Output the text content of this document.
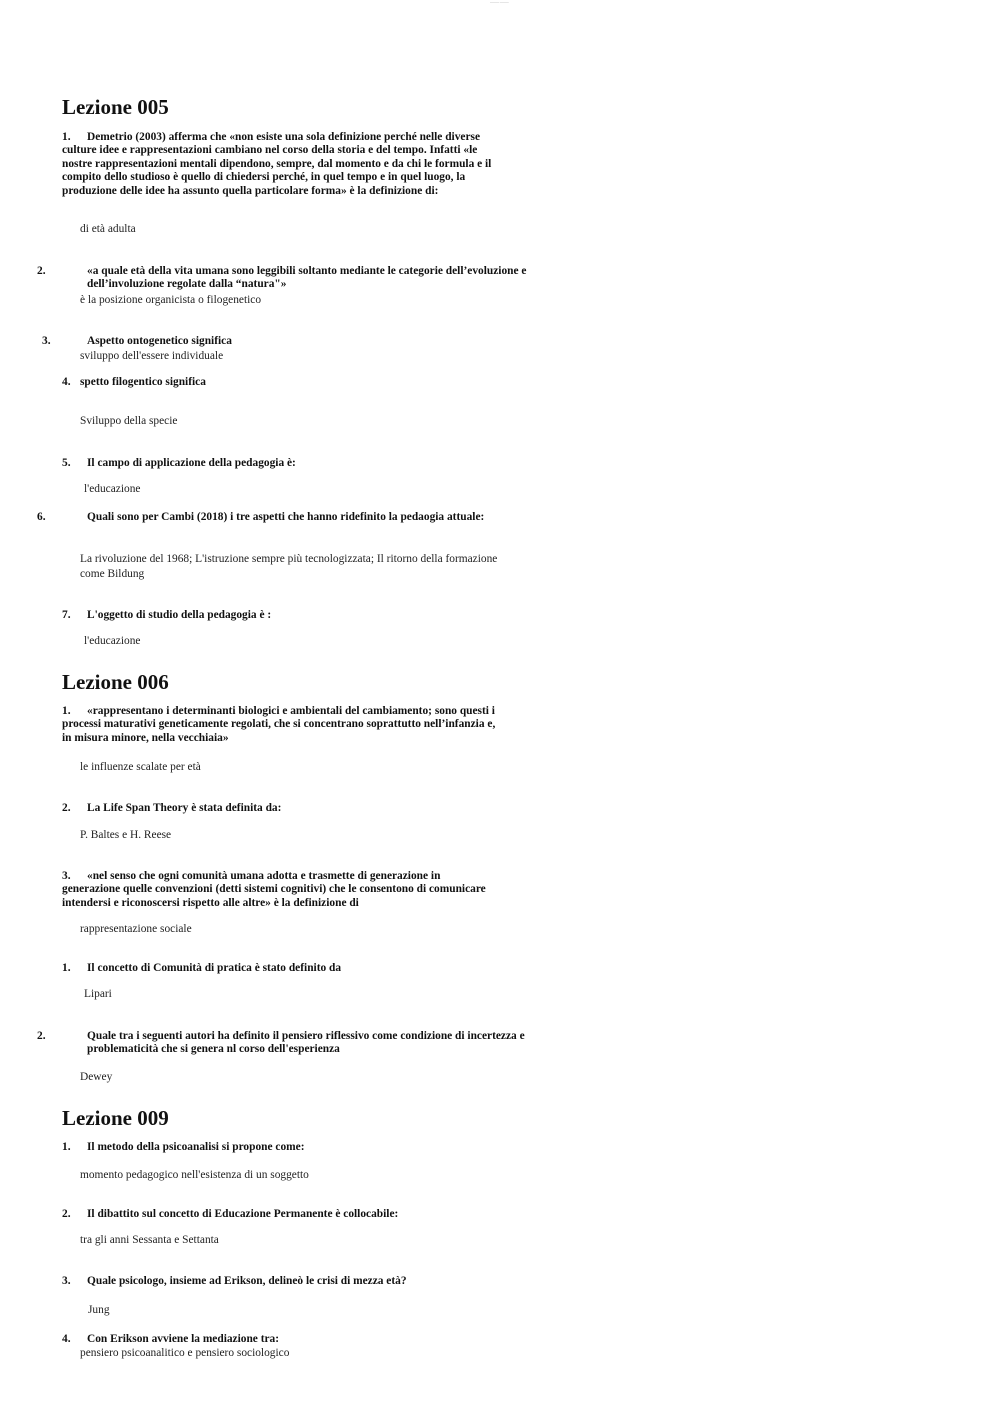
——— ———
Lezione 005

1. Demetrio (2003) afferma che «non esiste una sola definizione perché nelle diverse culture idee e rappresentazioni cambiano nel corso della storia e del tempo. Infatti «le nostre rappresentazioni mentali dipendono, sempre, dal momento e da chi le formula e il compito dello studioso è quello di chiedersi perché, in quel tempo e in quel luogo, la produzione delle idee ha assunto quella particolare forma» è la definizione di:

di età adulta

2.	«a quale età della vita umana sono leggibili soltanto mediante le categorie dell’evoluzione e dell’involuzione regolate dalla “natura"»

è la posizione organicista o filogenetico

3.	Aspetto ontogenetico significa

sviluppo dell'essere individuale

4. spetto filogentico significa

Sviluppo della specie

5. Il campo di applicazione della pedagogia è:

l'educazione

6.	Quali sono per Cambi (2018) i tre aspetti che hanno ridefinito la pedaogia attuale:

La rivoluzione del 1968; L'istruzione sempre più tecnologizzata; Il ritorno della formazione come Bildung

7. L'oggetto di studio della pedagogia è :

l'educazione

Lezione 006

1. «rappresentano i determinanti biologici e ambientali del cambiamento; sono questi i processi maturativi geneticamente regolati, che si concentrano soprattutto nell’infanzia e, in misura minore, nella vecchiaia»

le influenze scalate per età

2. La Life Span Theory è stata definita da:

P. Baltes e H. Reese

3. «nel senso che ogni comunità umana adotta e trasmette di generazione in generazione quelle convenzioni (detti sistemi cognitivi) che le consentono di comunicare intendersi e riconoscersi rispetto alle altre» è la definizione di

rappresentazione sociale

1. Il concetto di Comunità di pratica è stato definito da

Lipari

2.	Quale tra i seguenti autori ha definito il pensiero riflessivo come condizione di incertezza e problematicità che si genera nl corso dell'esperienza

Dewey

Lezione 009

1. Il metodo della psicoanalisi si propone come:

momento pedagogico nell'esistenza di un soggetto

2. Il dibattito sul concetto di Educazione Permanente è collocabile:

tra gli anni Sessanta e Settanta

3. Quale psicologo, insieme ad Erikson, delineò le crisi di mezza età?

Jung

4. Con Erikson avviene la mediazione tra:

pensiero psicoanalitico e pensiero sociologico
